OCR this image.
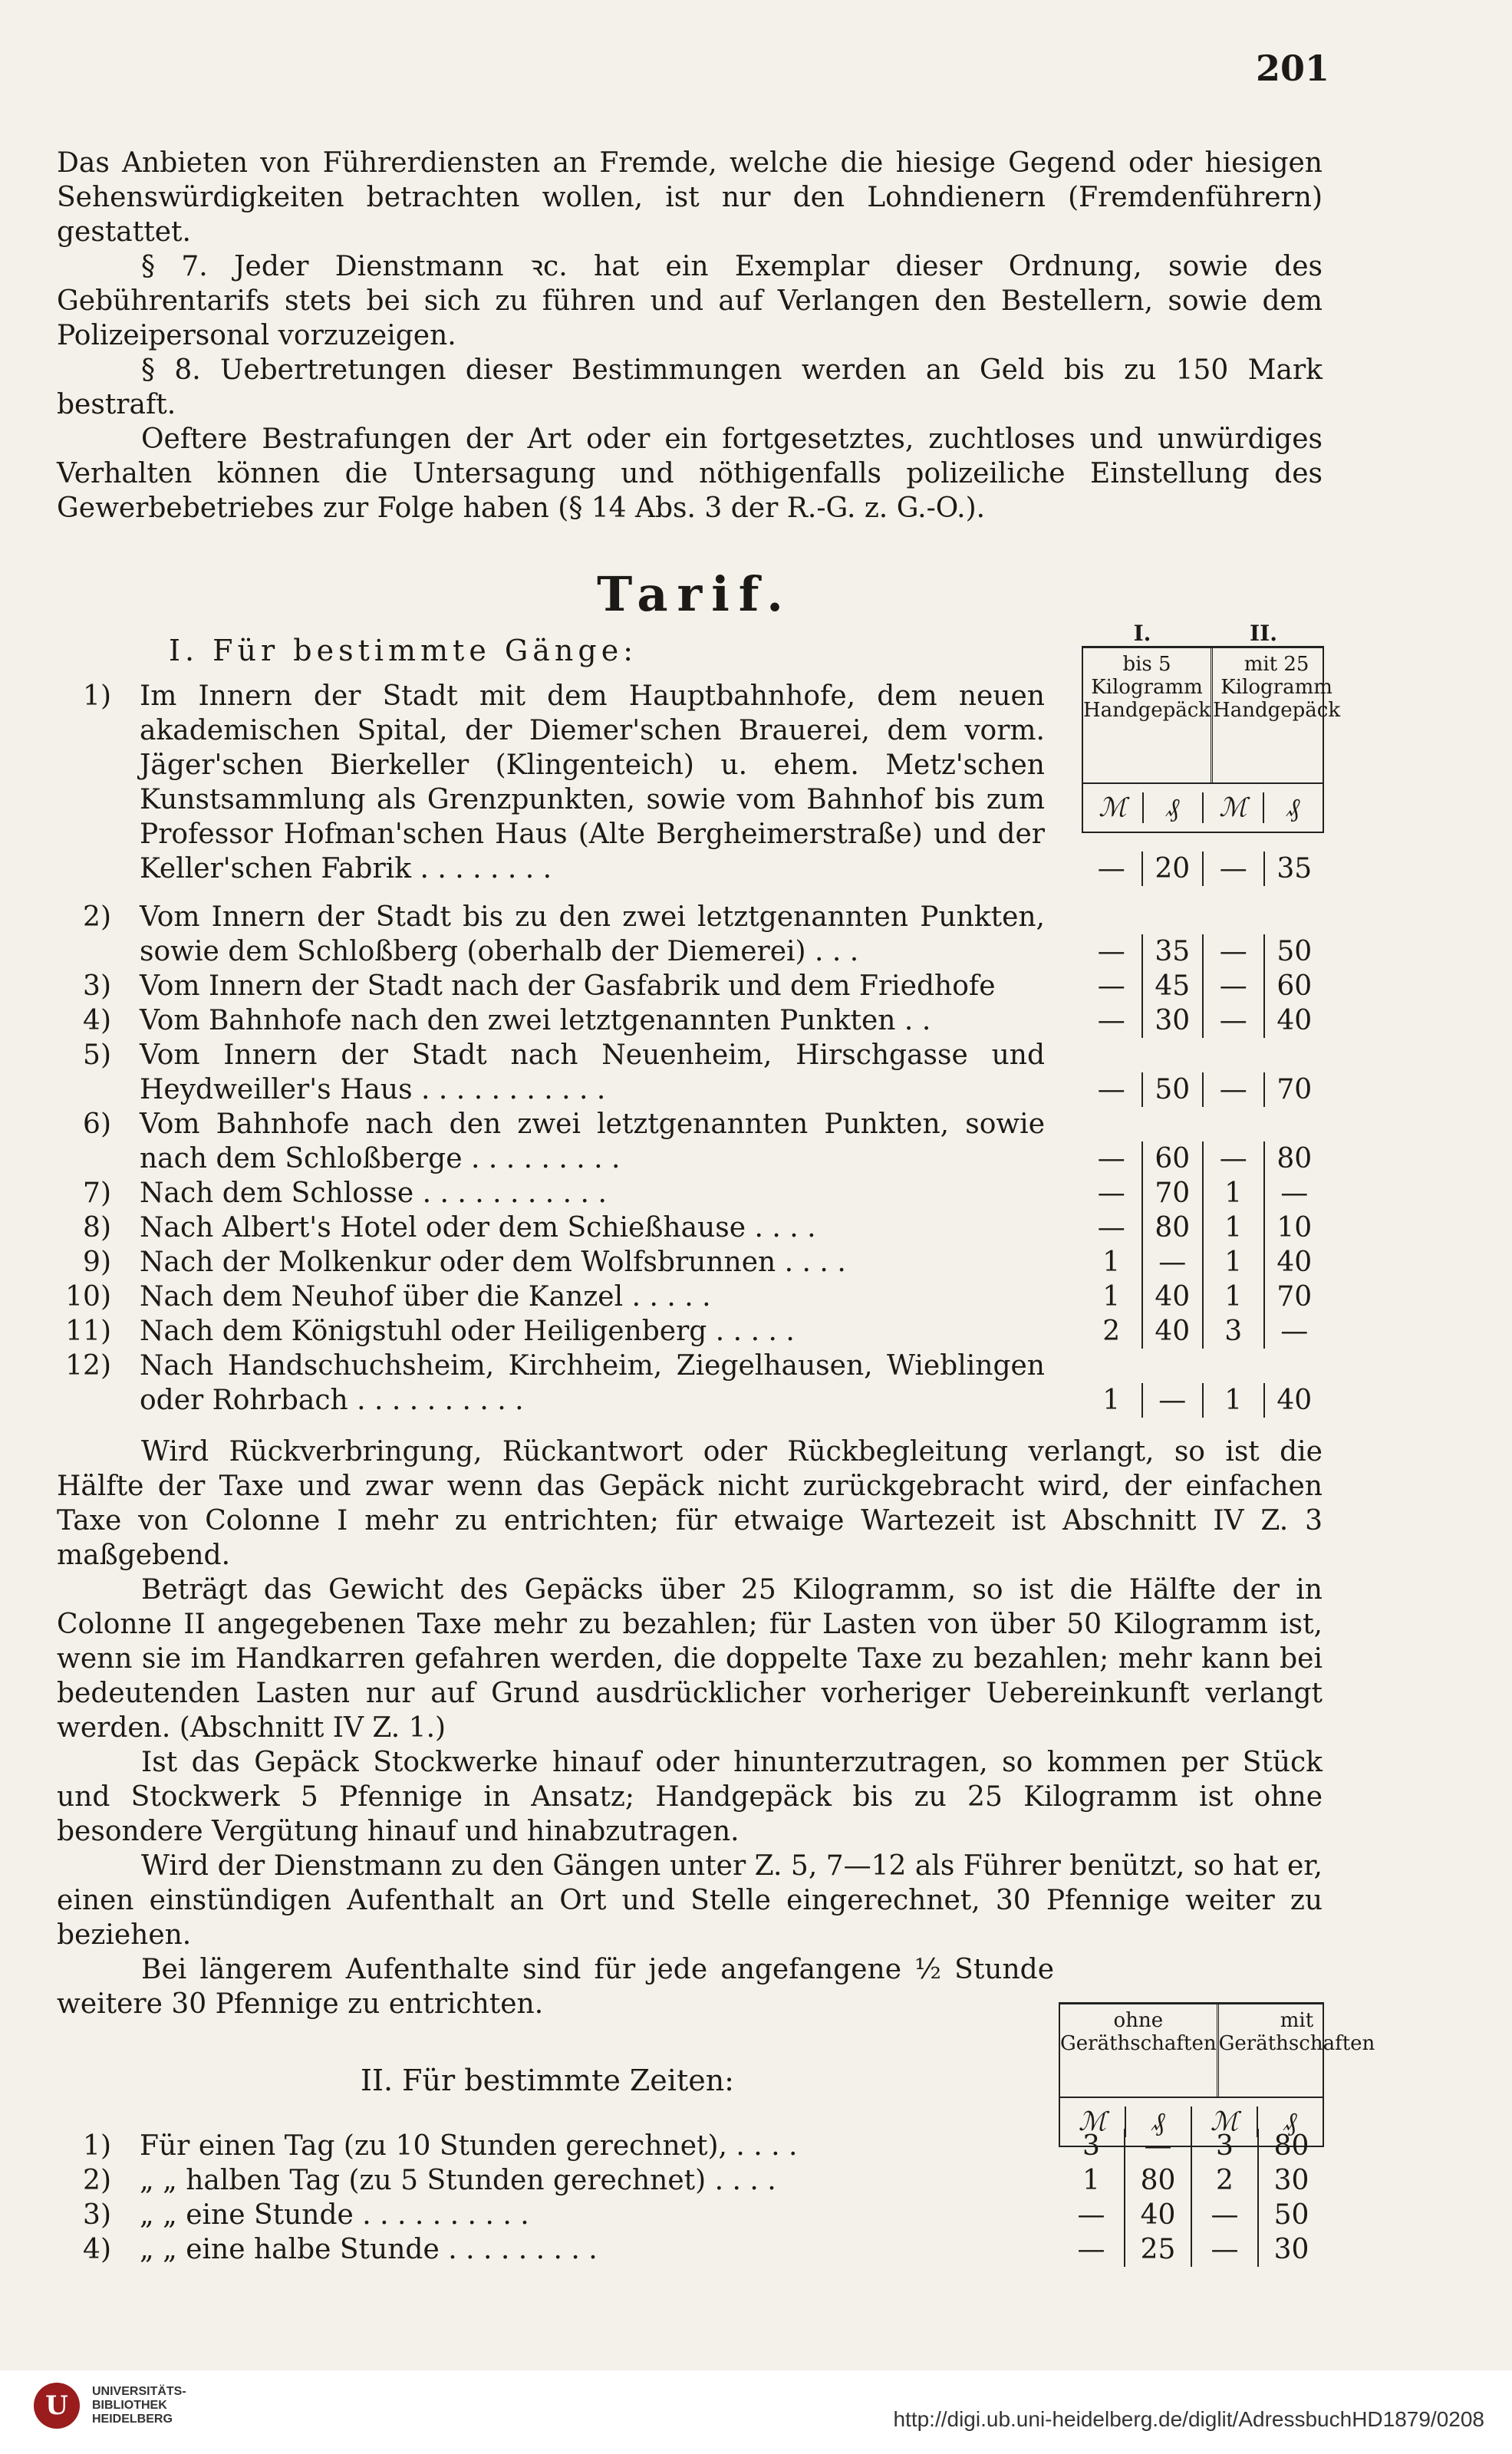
201
Das Anbieten von Führerdiensten an Fremde, welche die hiesige Gegend oder hiesigen Sehenswürdigkeiten betrachten wollen, ist nur den Lohndienern (Fremdenführern) gestattet.
§ 7. Jeder Dienstmann ꝛc. hat ein Exemplar dieser Ordnung, sowie des Gebührentarifs stets bei sich zu führen und auf Verlangen den Bestellern, sowie dem Polizeipersonal vorzuzeigen.
§ 8. Uebertretungen dieser Bestimmungen werden an Geld bis zu 150 Mark bestraft.
Oeftere Bestrafungen der Art oder ein fortgesetztes, zuchtloses und unwürdiges Verhalten können die Untersagung und nöthigenfalls polizeiliche Einstellung des Gewerbebetriebes zur Folge haben (§ 14 Abs. 3 der R.-G. z. G.-O.).
Tarif.
I. Für bestimmte Gänge:
I.	II.
bis 5 Kilogramm Handgepäck
mit 25 Kilogramm Handgepäck
ℳ	₰	ℳ	₰
1) Im Innern der Stadt mit dem Hauptbahnhofe, dem neuen akademischen Spital, der Diemer'schen Brauerei, dem vorm. Jäger'schen Bierkeller (Klingenteich) u. ehem. Metz'schen Kunstsammlung als Grenzpunkten, sowie vom Bahnhof bis zum Professor Hofman'schen Haus (Alte Bergheimerstraße) und der Keller'schen Fabrik . . . . . . . .	—	20	—	35
2) Vom Innern der Stadt bis zu den zwei letztgenannten Punkten, sowie dem Schloßberg (oberhalb der Diemerei) . . .	—	35	—	50
3) Vom Innern der Stadt nach der Gasfabrik und dem Friedhofe	—	45	—	60
4) Vom Bahnhofe nach den zwei letztgenannten Punkten . .	—	30	—	40
5) Vom Innern der Stadt nach Neuenheim, Hirschgasse und Heydweiller's Haus . . . . . . . . . . .	—	50	—	70
6) Vom Bahnhofe nach den zwei letztgenannten Punkten, sowie nach dem Schloßberge . . . . . . . . .	—	60	—	80
7) Nach dem Schlosse . . . . . . . . . . .	—	70	1	—
8) Nach Albert's Hotel oder dem Schießhause . . . .	—	80	1	10
9) Nach der Molkenkur oder dem Wolfsbrunnen . . . .	1	—	1	40
10) Nach dem Neuhof über die Kanzel . . . . .	1	40	1	70
11) Nach dem Königstuhl oder Heiligenberg . . . . .	2	40	3	—
12) Nach Handschuchsheim, Kirchheim, Ziegelhausen, Wieblingen oder Rohrbach . . . . . . . . . .	1	—	1	40
Wird Rückverbringung, Rückantwort oder Rückbegleitung verlangt, so ist die Hälfte der Taxe und zwar wenn das Gepäck nicht zurückgebracht wird, der einfachen Taxe von Colonne I mehr zu entrichten; für etwaige Wartezeit ist Abschnitt IV Z. 3 maßgebend.
Beträgt das Gewicht des Gepäcks über 25 Kilogramm, so ist die Hälfte der in Colonne II angegebenen Taxe mehr zu bezahlen; für Lasten von über 50 Kilogramm ist, wenn sie im Handkarren gefahren werden, die doppelte Taxe zu bezahlen; mehr kann bei bedeutenden Lasten nur auf Grund ausdrücklicher vorheriger Uebereinkunft verlangt werden. (Abschnitt IV Z. 1.)
Ist das Gepäck Stockwerke hinauf oder hinunterzutragen, so kommen per Stück und Stockwerk 5 Pfennige in Ansatz; Handgepäck bis zu 25 Kilogramm ist ohne besondere Vergütung hinauf und hinabzutragen.
Wird der Dienstmann zu den Gängen unter Z. 5, 7—12 als Führer benützt, so hat er, einen einstündigen Aufenthalt an Ort und Stelle eingerechnet, 30 Pfennige weiter zu beziehen.
Bei längerem Aufenthalte sind für jede angefangene ½ Stunde weitere 30 Pfennige zu entrichten.
II. Für bestimmte Zeiten:
ohne Geräthschaften
mit Geräthschaften
ℳ	₰	ℳ	₰
1) Für einen Tag (zu 10 Stunden gerechnet), . . . .	3	—	3	80
2) „ „ halben Tag (zu 5 Stunden gerechnet) . . . .	1	80	2	30
3) „ „ eine Stunde . . . . . . . . . .	—	40	—	50
4) „ „ eine halbe Stunde . . . . . . . . .	—	25	—	30
U	UNIVERSITÄTS-
BIBLIOTHEK
HEIDELBERG	http://digi.ub.uni-heidelberg.de/diglit/AdressbuchHD1879/0208
